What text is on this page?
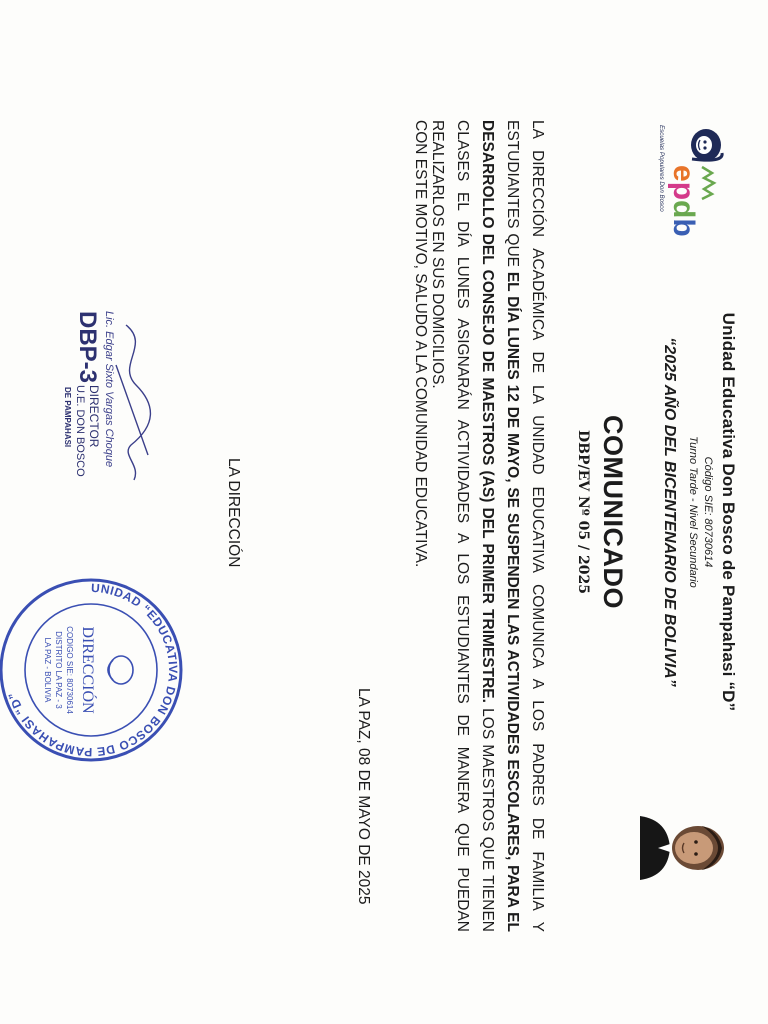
epdb
Escuelas Populares Don Bosco
Unidad Educativa Don Bosco de Pampahasi “D”
Código SIE: 80730614
Turno Tarde - Nivel Secundario
“2025 AÑO DEL BICENTENARIO DE BOLIVIA”
COMUNICADO
DBP/EV Nº 05 / 2025

LA DIRECCIÓN ACADÉMICA DE LA UNIDAD EDUCATIVA COMUNICA A LOS PADRES DE FAMILIA Y ESTUDIANTES QUE EL DÍA LUNES 12 DE MAYO, SE SUSPENDEN LAS ACTIVIDADES ESCOLARES, PARA EL DESARROLLO DEL CONSEJO DE MAESTROS (AS) DEL PRIMER TRIMESTRE. LOS MAESTROS QUE TIENEN CLASES EL DÍA LUNES ASIGNARÁN ACTIVIDADES A LOS ESTUDIANTES DE MANERA QUE PUEDAN REALIZARLOS EN SUS DOMICILIOS.

CON ESTE MOTIVO, SALUDO A LA COMUNIDAD EDUCATIVA.
LA PAZ, 08 DE MAYO DE 2025
LA DIRECCIÓN
Lic. Edgar Sixto Vargas Choque
DBP-3
DIRECTOR
U.E. DON BOSCO
DE PAMPAHASI
UNIDAD “EDUCATIVA DON BOSCO DE PAMPAHASI “D”	DIRECCIÓN
CODIGO SIE: 80730614
DISTRITO LA PAZ - 3
LA PAZ - BOLIVIA
